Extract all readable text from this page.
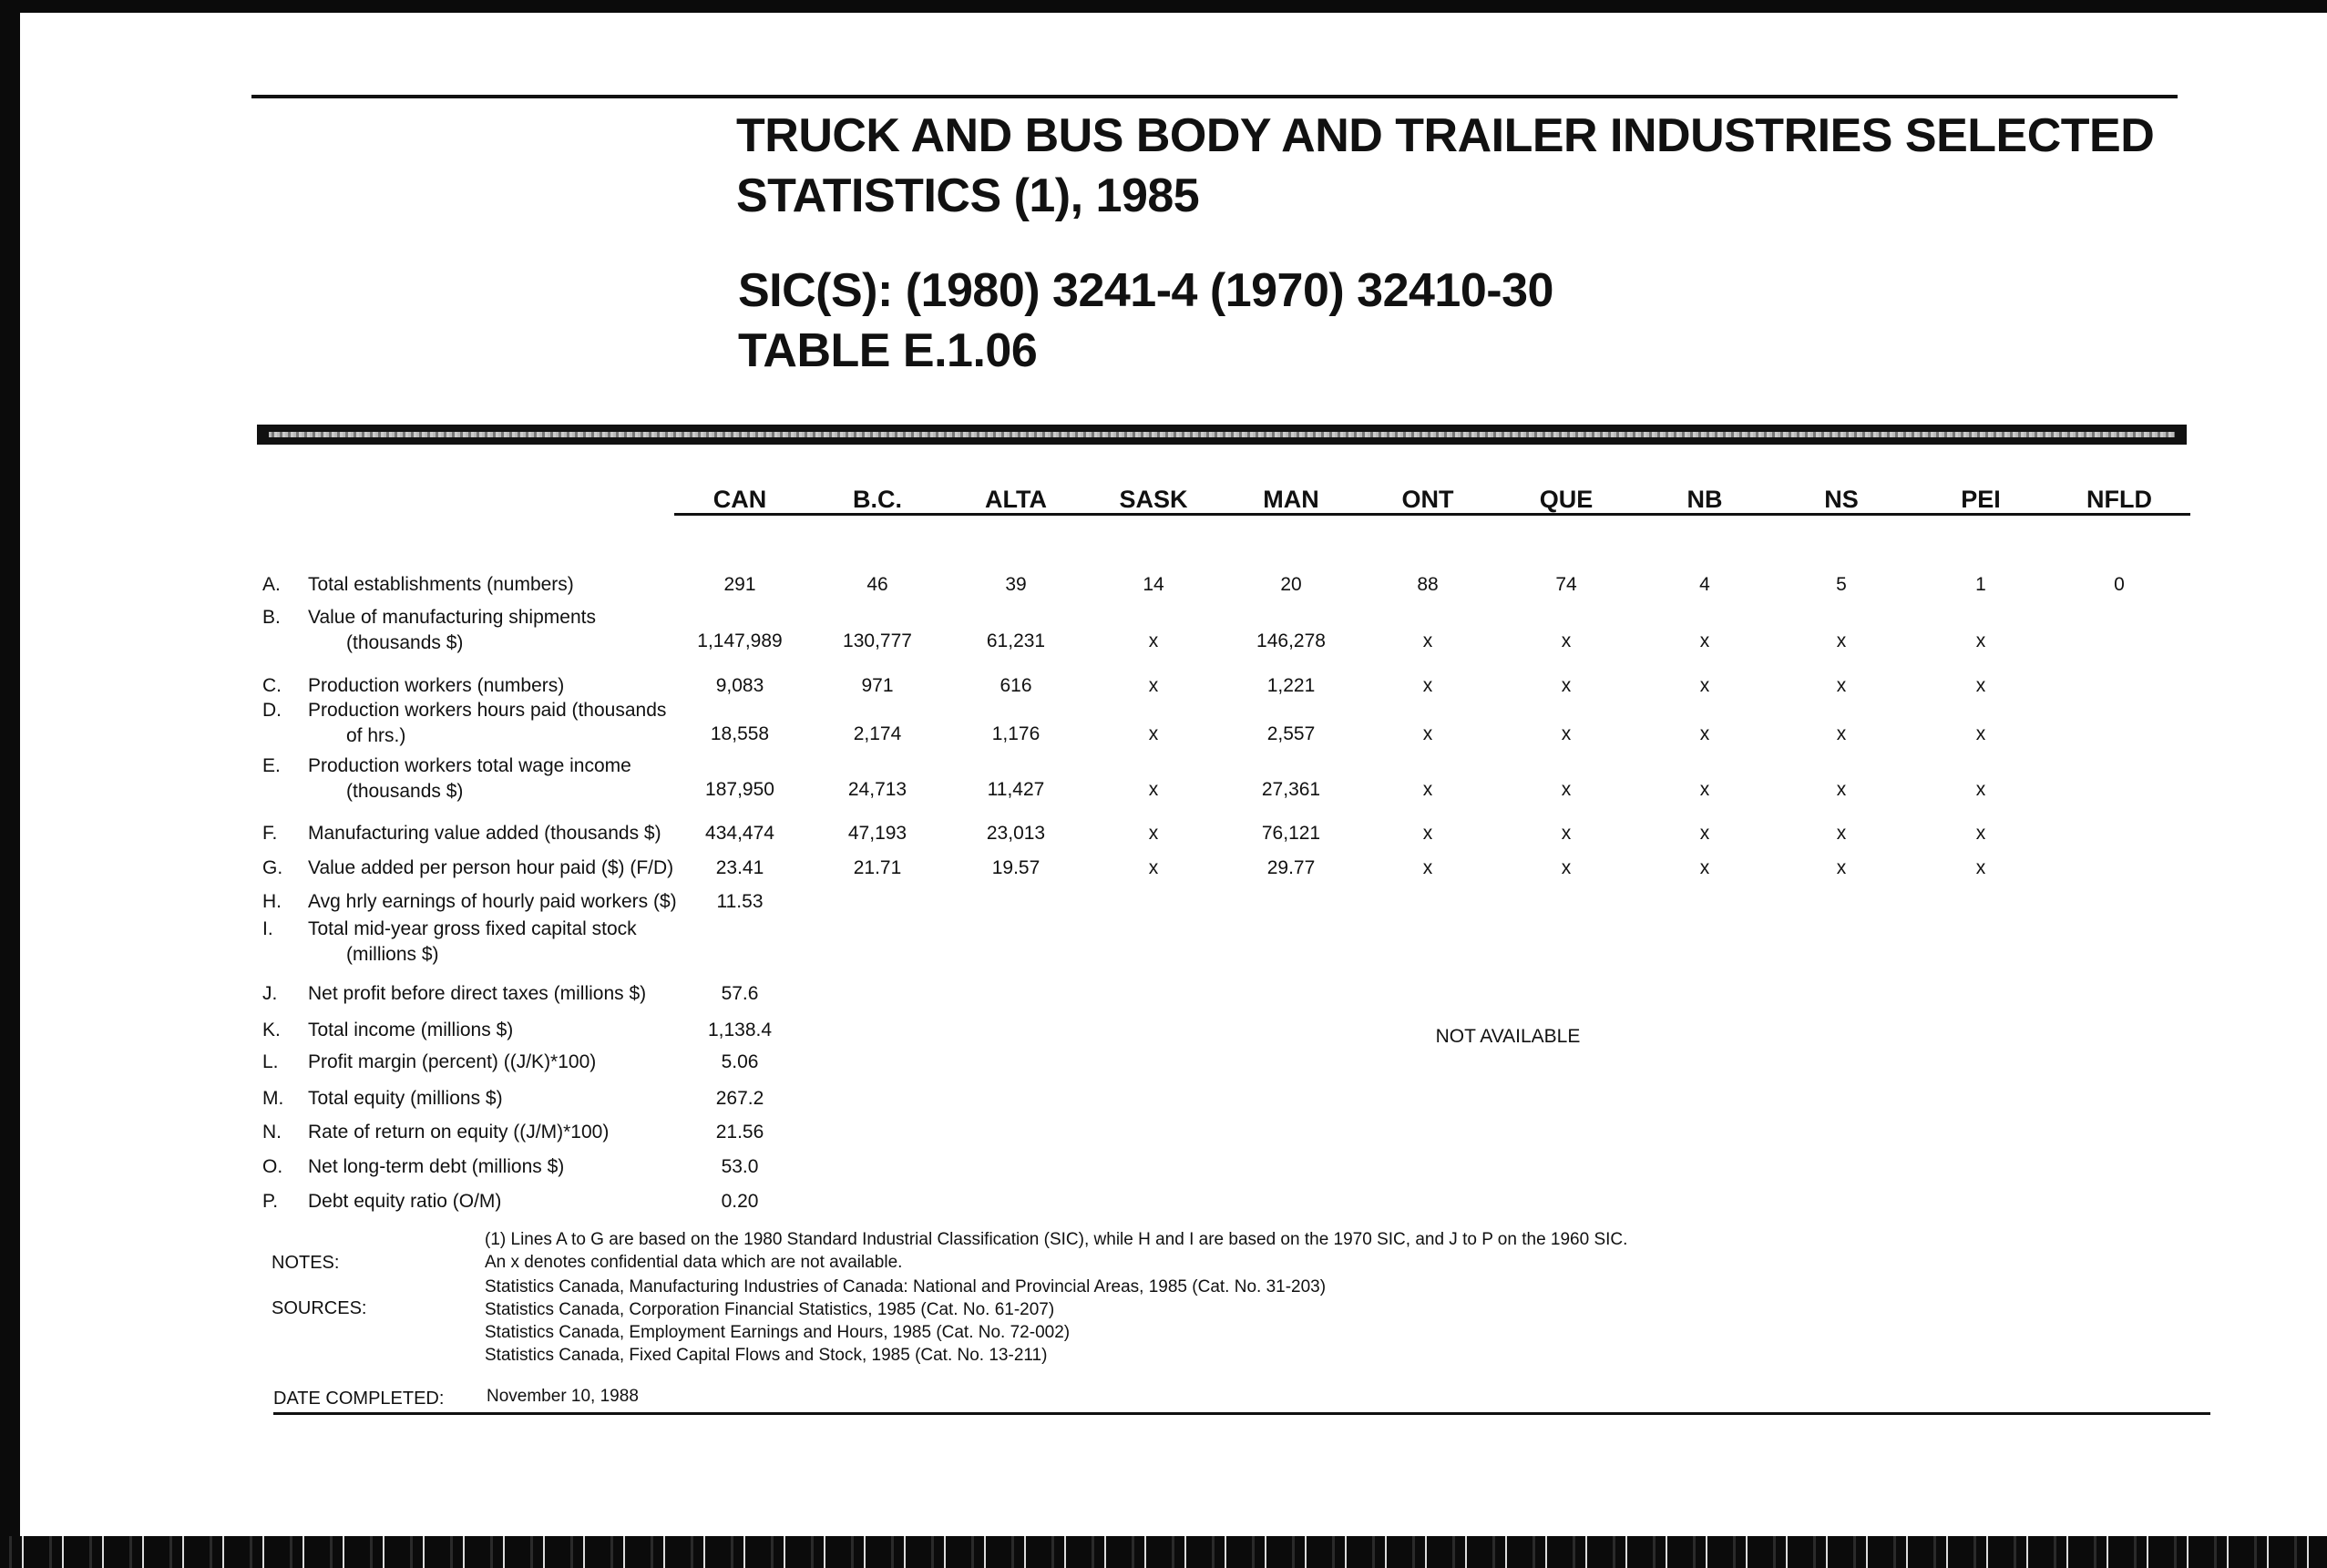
TRUCK AND BUS BODY AND TRAILER INDUSTRIES SELECTED
STATISTICS (1), 1985
SIC(S): (1980) 3241-4 (1970) 32410-30
TABLE E.1.06
CAN	B.C.	ALTA	SASK	MAN	ONT	QUE	NB	NS	PEI	NFLD
A. Total establishments (numbers)	291	46	39	14	20	88	74	4	5	1	0
B. Value of manufacturing shipments
(thousands $)	1,147,989	130,777	61,231	x	146,278	x	x	x	x	x
C. Production workers (numbers)	9,083	971	616	x	1,221	x	x	x	x	x
D. Production workers hours paid (thousands
of hrs.)	18,558	2,174	1,176	x	2,557	x	x	x	x	x
E. Production workers total wage income
(thousands $)	187,950	24,713	11,427	x	27,361	x	x	x	x	x
F. Manufacturing value added (thousands $)	434,474	47,193	23,013	x	76,121	x	x	x	x	x
G. Value added per person hour paid ($) (F/D)	23.41	21.71	19.57	x	29.77	x	x	x	x	x
H. Avg hrly earnings of hourly paid workers ($)	11.53
I. Total mid-year gross fixed capital stock
(millions $)
J. Net profit before direct taxes (millions $)	57.6
K. Total income (millions $)	1,138.4
L. Profit margin (percent) ((J/K)*100)	5.06
M. Total equity (millions $)	267.2
N. Rate of return on equity ((J/M)*100)	21.56
O. Net long-term debt (millions $)	53.0
P. Debt equity ratio (O/M)	0.20
NOT AVAILABLE
NOTES:
(1) Lines A to G are based on the 1980 Standard Industrial Classification (SIC), while H and I are based on the 1970 SIC, and J to P on the 1960 SIC.
An x denotes confidential data which are not available.
SOURCES:
Statistics Canada, Manufacturing Industries of Canada: National and Provincial Areas, 1985 (Cat. No. 31-203)
Statistics Canada, Corporation Financial Statistics, 1985 (Cat. No. 61-207)
Statistics Canada, Employment Earnings and Hours, 1985 (Cat. No. 72-002)
Statistics Canada, Fixed Capital Flows and Stock, 1985 (Cat. No. 13-211)
DATE COMPLETED: November 10, 1988
